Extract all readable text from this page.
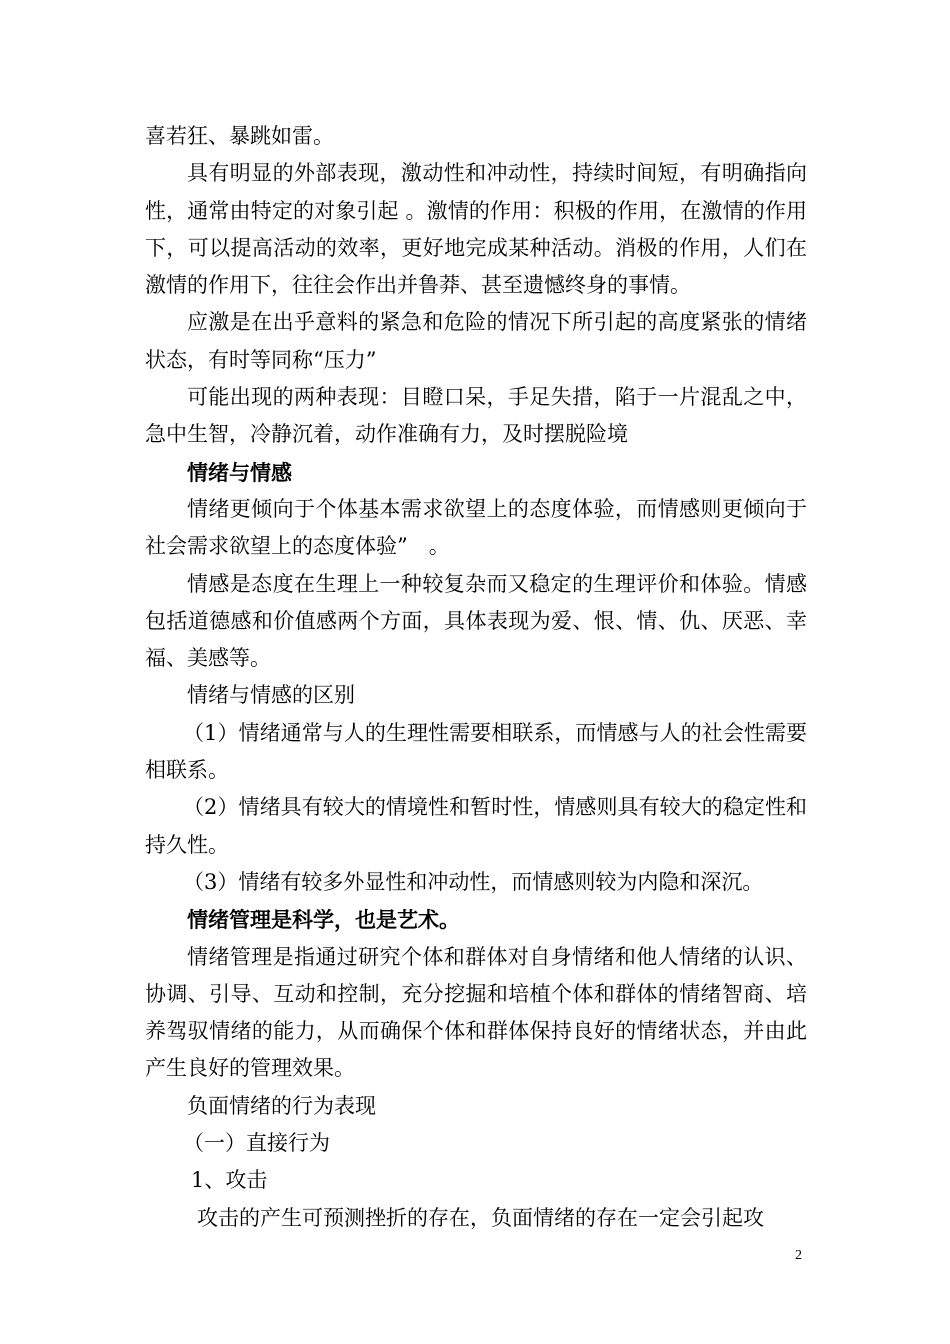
喜若狂、暴跳如雷。

具有明显的外部表现，激动性和冲动性，持续时间短，有明确指向性，通常由特定的对象引起 。激情的作用：积极的作用，在激情的作用下，可以提高活动的效率，更好地完成某种活动。消极的作用，人们在激情的作用下，往往会作出并鲁莽、甚至遗憾终身的事情。

应激是在出乎意料的紧急和危险的情况下所引起的高度紧张的情绪状态，有时等同称“压力”

可能出现的两种表现：目瞪口呆，手足失措，陷于一片混乱之中，急中生智，冷静沉着，动作准确有力，及时摆脱险境

情绪与情感

情绪更倾向于个体基本需求欲望上的态度体验，而情感则更倾向于社会需求欲望上的态度体验”　。

情感是态度在生理上一种较复杂而又稳定的生理评价和体验。情感包括道德感和价值感两个方面，具体表现为爱、恨、情、仇、厌恶、幸福、美感等。

情绪与情感的区别

（1）情绪通常与人的生理性需要相联系，而情感与人的社会性需要相联系。

（2）情绪具有较大的情境性和暂时性，情感则具有较大的稳定性和持久性。

（3）情绪有较多外显性和冲动性，而情感则较为内隐和深沉。

情绪管理是科学，也是艺术。

情绪管理是指通过研究个体和群体对自身情绪和他人情绪的认识、协调、引导、互动和控制，充分挖掘和培植个体和群体的情绪智商、培养驾驭情绪的能力，从而确保个体和群体保持良好的情绪状态，并由此产生良好的管理效果。

负面情绪的行为表现

（一）直接行为

1、攻击

攻击的产生可预测挫折的存在，负面情绪的存在一定会引起攻

2
